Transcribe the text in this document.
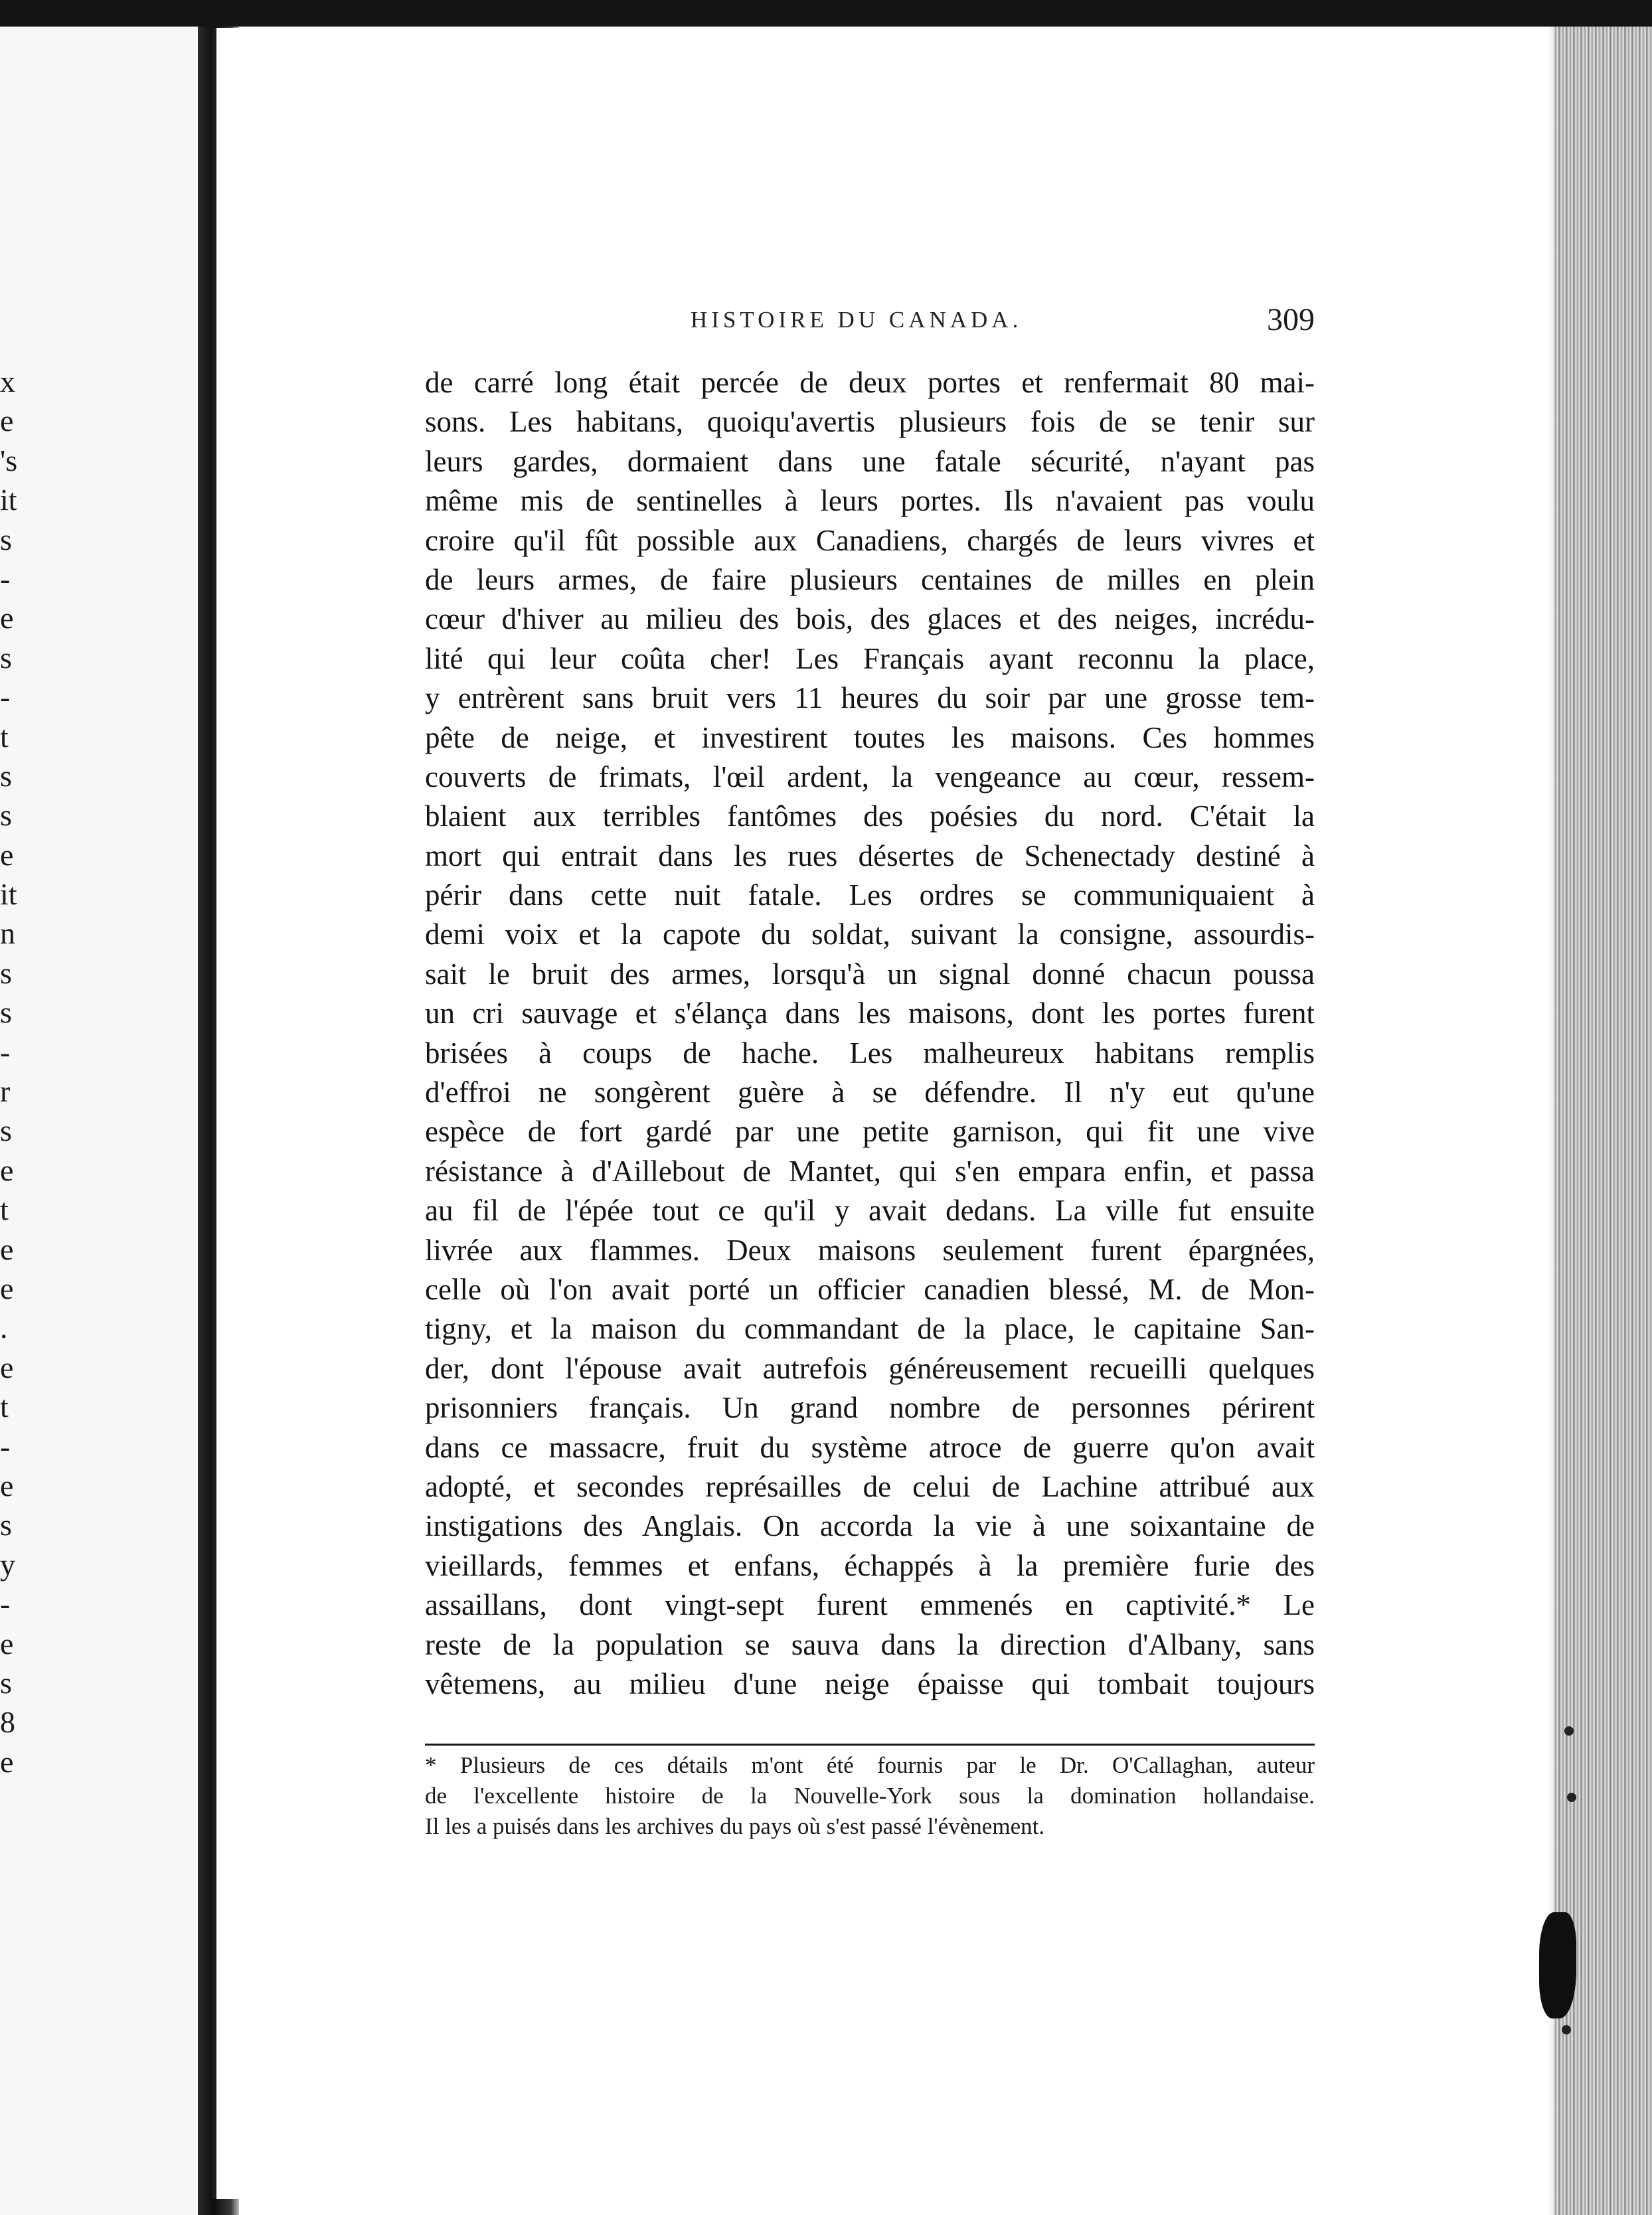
x
e
's
it
s
-
e
s
-
t
s
s
e
it
n
s
s
-
r
s
e
t
e
e
.
e
t
-
e
s
y
-
e
s
8
e
HISTOIRE DU CANADA.	309
de carré long était percée de deux portes et renfermait 80 mai-
sons. Les habitans, quoiqu'avertis plusieurs fois de se tenir sur
leurs gardes, dormaient dans une fatale sécurité, n'ayant pas
même mis de sentinelles à leurs portes. Ils n'avaient pas voulu
croire qu'il fût possible aux Canadiens, chargés de leurs vivres et
de leurs armes, de faire plusieurs centaines de milles en plein
cœur d'hiver au milieu des bois, des glaces et des neiges, incrédu-
lité qui leur coûta cher! Les Français ayant reconnu la place,
y entrèrent sans bruit vers 11 heures du soir par une grosse tem-
pête de neige, et investirent toutes les maisons. Ces hommes
couverts de frimats, l'œil ardent, la vengeance au cœur, ressem-
blaient aux terribles fantômes des poésies du nord. C'était la
mort qui entrait dans les rues désertes de Schenectady destiné à
périr dans cette nuit fatale. Les ordres se communiquaient à
demi voix et la capote du soldat, suivant la consigne, assourdis-
sait le bruit des armes, lorsqu'à un signal donné chacun poussa
un cri sauvage et s'élança dans les maisons, dont les portes furent
brisées à coups de hache. Les malheureux habitans remplis
d'effroi ne songèrent guère à se défendre. Il n'y eut qu'une
espèce de fort gardé par une petite garnison, qui fit une vive
résistance à d'Aillebout de Mantet, qui s'en empara enfin, et passa
au fil de l'épée tout ce qu'il y avait dedans. La ville fut ensuite
livrée aux flammes. Deux maisons seulement furent épargnées,
celle où l'on avait porté un officier canadien blessé, M. de Mon-
tigny, et la maison du commandant de la place, le capitaine San-
der, dont l'épouse avait autrefois généreusement recueilli quelques
prisonniers français. Un grand nombre de personnes périrent
dans ce massacre, fruit du système atroce de guerre qu'on avait
adopté, et secondes représailles de celui de Lachine attribué aux
instigations des Anglais. On accorda la vie à une soixantaine de
vieillards, femmes et enfans, échappés à la première furie des
assaillans, dont vingt-sept furent emmenés en captivité.* Le
reste de la population se sauva dans la direction d'Albany, sans
vêtemens, au milieu d'une neige épaisse qui tombait toujours
* Plusieurs de ces détails m'ont été fournis par le Dr. O'Callaghan, auteur
de l'excellente histoire de la Nouvelle-York sous la domination hollandaise.
Il les a puisés dans les archives du pays où s'est passé l'évènement.
